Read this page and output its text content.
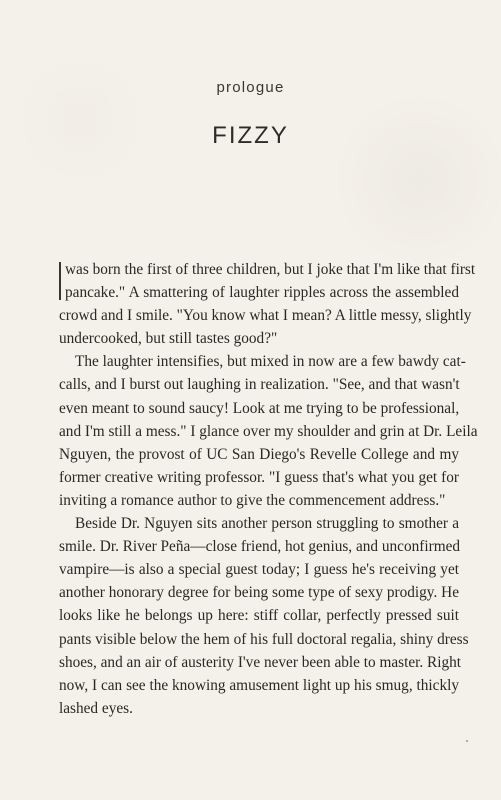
prologue
FIZZY
was born the first of three children, but I joke that I'm like that first
pancake." A smattering of laughter ripples across the assembled
crowd and I smile. "You know what I mean? A little messy, slightly
undercooked, but still tastes good?"
The laughter intensifies, but mixed in now are a few bawdy cat-
calls, and I burst out laughing in realization. "See, and that wasn't
even meant to sound saucy! Look at me trying to be professional,
and I'm still a mess." I glance over my shoulder and grin at Dr. Leila
Nguyen, the provost of UC San Diego's Revelle College and my
former creative writing professor. "I guess that's what you get for
inviting a romance author to give the commencement address."
Beside Dr. Nguyen sits another person struggling to smother a
smile. Dr. River Peña—close friend, hot genius, and unconfirmed
vampire—is also a special guest today; I guess he's receiving yet
another honorary degree for being some type of sexy prodigy. He
looks like he belongs up here: stiff collar, perfectly pressed suit
pants visible below the hem of his full doctoral regalia, shiny dress
shoes, and an air of austerity I've never been able to master. Right
now, I can see the knowing amusement light up his smug, thickly
lashed eyes.
